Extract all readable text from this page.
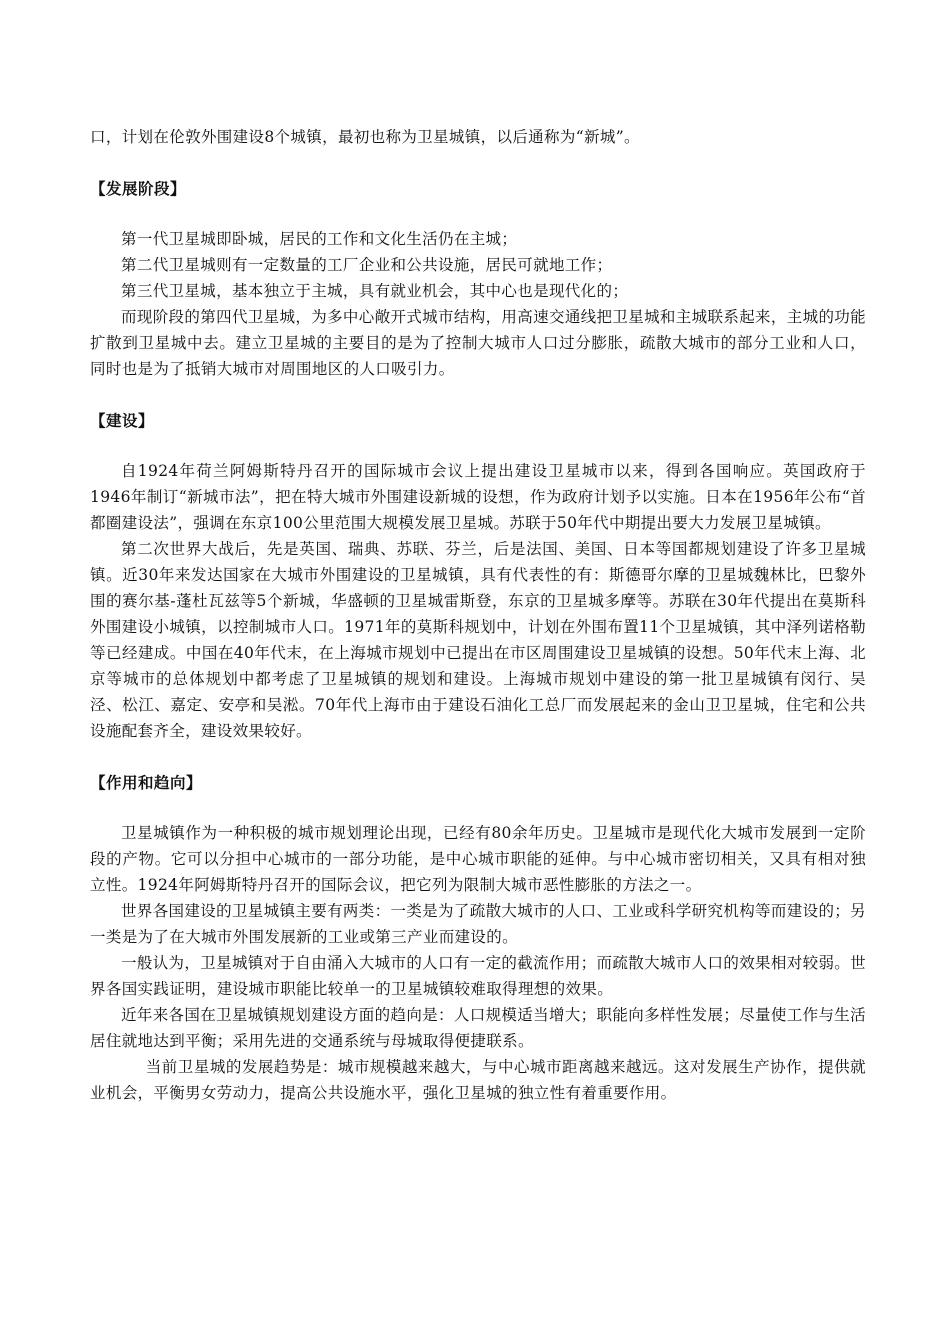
口，计划在伦敦外围建设8个城镇，最初也称为卫星城镇，以后通称为“新城”。

【发展阶段】

第一代卫星城即卧城，居民的工作和文化生活仍在主城；

第二代卫星城则有一定数量的工厂企业和公共设施，居民可就地工作；

第三代卫星城，基本独立于主城，具有就业机会，其中心也是现代化的；

而现阶段的第四代卫星城，为多中心敞开式城市结构，用高速交通线把卫星城和主城联系起来，主城的功能扩散到卫星城中去。建立卫星城的主要目的是为了控制大城市人口过分膨胀，疏散大城市的部分工业和人口，同时也是为了抵销大城市对周围地区的人口吸引力。

【建设】

自1924年荷兰阿姆斯特丹召开的国际城市会议上提出建设卫星城市以来，得到各国响应。英国政府于1946年制订“新城市法”，把在特大城市外围建设新城的设想，作为政府计划予以实施。日本在1956年公布“首都圈建设法”，强调在东京100公里范围大规模发展卫星城。苏联于50年代中期提出要大力发展卫星城镇。

第二次世界大战后，先是英国、瑞典、苏联、芬兰，后是法国、美国、日本等国都规划建设了许多卫星城镇。近30年来发达国家在大城市外围建设的卫星城镇，具有代表性的有：斯德哥尔摩的卫星城魏林比，巴黎外围的赛尔基-蓬杜瓦兹等5个新城，华盛顿的卫星城雷斯登，东京的卫星城多摩等。苏联在30年代提出在莫斯科外围建设小城镇，以控制城市人口。1971年的莫斯科规划中，计划在外围布置11个卫星城镇，其中泽列诺格勒等已经建成。中国在40年代末，在上海城市规划中已提出在市区周围建设卫星城镇的设想。50年代末上海、北京等城市的总体规划中都考虑了卫星城镇的规划和建设。上海城市规划中建设的第一批卫星城镇有闵行、吴泾、松江、嘉定、安亭和吴淞。70年代上海市由于建设石油化工总厂而发展起来的金山卫卫星城，住宅和公共设施配套齐全，建设效果较好。

【作用和趋向】

卫星城镇作为一种积极的城市规划理论出现，已经有80余年历史。卫星城市是现代化大城市发展到一定阶段的产物。它可以分担中心城市的一部分功能，是中心城市职能的延伸。与中心城市密切相关，又具有相对独立性。1924年阿姆斯特丹召开的国际会议，把它列为限制大城市恶性膨胀的方法之一。

世界各国建设的卫星城镇主要有两类：一类是为了疏散大城市的人口、工业或科学研究机构等而建设的；另一类是为了在大城市外围发展新的工业或第三产业而建设的。

一般认为，卫星城镇对于自由涌入大城市的人口有一定的截流作用；而疏散大城市人口的效果相对较弱。世界各国实践证明，建设城市职能比较单一的卫星城镇较难取得理想的效果。

近年来各国在卫星城镇规划建设方面的趋向是：人口规模适当增大；职能向多样性发展；尽量使工作与生活居住就地达到平衡；采用先进的交通系统与母城取得便捷联系。

当前卫星城的发展趋势是：城市规模越来越大，与中心城市距离越来越远。这对发展生产协作，提供就业机会，平衡男女劳动力，提高公共设施水平，强化卫星城的独立性有着重要作用。
